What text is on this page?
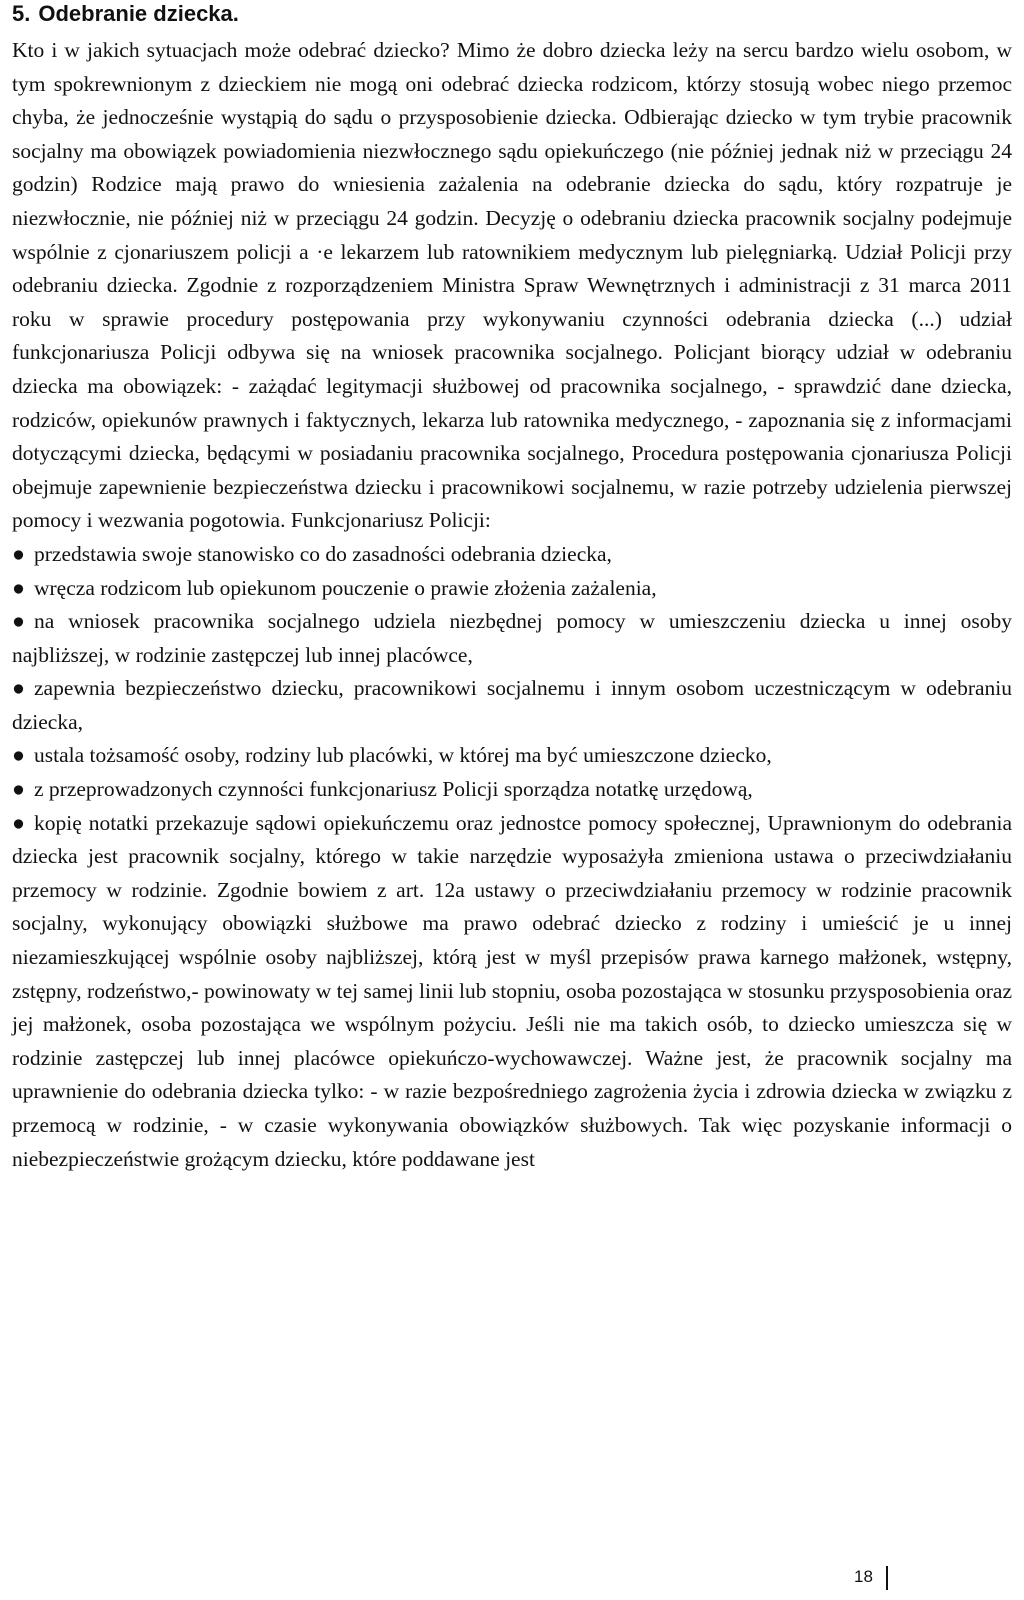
5. Odebranie dziecka.

Kto i w jakich sytuacjach może odebrać dziecko? Mimo że dobro dziecka leży na sercu bardzo wielu osobom, w tym spokrewnionym z dzieckiem nie mogą oni odebrać dziecka rodzicom, którzy stosują wobec niego przemoc chyba, że jednocześnie wystąpią do sądu o przysposobienie dziecka. Odbierając dziecko w tym trybie pracownik socjalny ma obowiązek powiadomienia niezwłocznego sądu opiekuńczego (nie później jednak niż w przeciągu 24 godzin) Rodzice mają prawo do wniesienia zażalenia na odebranie dziecka do sądu, który rozpatruje je niezwłocznie, nie później niż w przeciągu 24 godzin. Decyzję o odebraniu dziecka pracownik socjalny podejmuje wspólnie z cjonariuszem policji a ·e lekarzem lub ratownikiem medycznym lub pielęgniarką. Udział Policji przy odebraniu dziecka. Zgodnie z rozporządzeniem Ministra Spraw Wewnętrznych i administracji z 31 marca 2011 roku w sprawie procedury postępowania przy wykonywaniu czynności odebrania dziecka (...) udział funkcjonariusza Policji odbywa się na wniosek pracownika socjalnego. Policjant biorący udział w odebraniu dziecka ma obowiązek: - zażądać legitymacji służbowej od pracownika socjalnego, - sprawdzić dane dziecka, rodziców, opiekunów prawnych i faktycznych, lekarza lub ratownika medycznego, - zapoznania się z informacjami dotyczącymi dziecka, będącymi w posiadaniu pracownika socjalnego, Procedura postępowania cjonariusza Policji obejmuje zapewnienie bezpieczeństwa dziecku i pracownikowi socjalnemu, w razie potrzeby udzielenia pierwszej pomocy i wezwania pogotowia. Funkcjonariusz Policji:

● przedstawia swoje stanowisko co do zasadności odebrania dziecka,
● wręcza rodzicom lub opiekunom pouczenie o prawie złożenia zażalenia,
● na wniosek pracownika socjalnego udziela niezbędnej pomocy w umieszczeniu dziecka u innej osoby najbliższej, w rodzinie zastępczej lub innej placówce,
● zapewnia bezpieczeństwo dziecku, pracownikowi socjalnemu i innym osobom uczestniczącym w odebraniu dziecka,
● ustala tożsamość osoby, rodziny lub placówki, w której ma być umieszczone dziecko,
● z przeprowadzonych czynności funkcjonariusz Policji sporządza notatkę urzędową,
● kopię notatki przekazuje sądowi opiekuńczemu oraz jednostce pomocy społecznej, Uprawnionym do odebrania dziecka jest pracownik socjalny, którego w takie narzędzie wyposażyła zmieniona ustawa o przeciwdziałaniu przemocy w rodzinie. Zgodnie bowiem z art. 12a ustawy o przeciwdziałaniu przemocy w rodzinie pracownik socjalny, wykonujący obowiązki służbowe ma prawo odebrać dziecko z rodziny i umieścić je u innej niezamieszkującej wspólnie osoby najbliższej, którą jest w myśl przepisów prawa karnego małżonek, wstępny, zstępny, rodzeństwo,- powinowaty w tej samej linii lub stopniu, osoba pozostająca w stosunku przysposobienia oraz jej małżonek, osoba pozostająca we wspólnym pożyciu. Jeśli nie ma takich osób, to dziecko umieszcza się w rodzinie zastępczej lub innej placówce opiekuńczo-wychowawczej. Ważne jest, że pracownik socjalny ma uprawnienie do odebrania dziecka tylko: - w razie bezpośredniego zagrożenia życia i zdrowia dziecka w związku z przemocą w rodzinie, - w czasie wykonywania obowiązków służbowych. Tak więc pozyskanie informacji o niebezpieczeństwie grożącym dziecku, które poddawane jest
18
